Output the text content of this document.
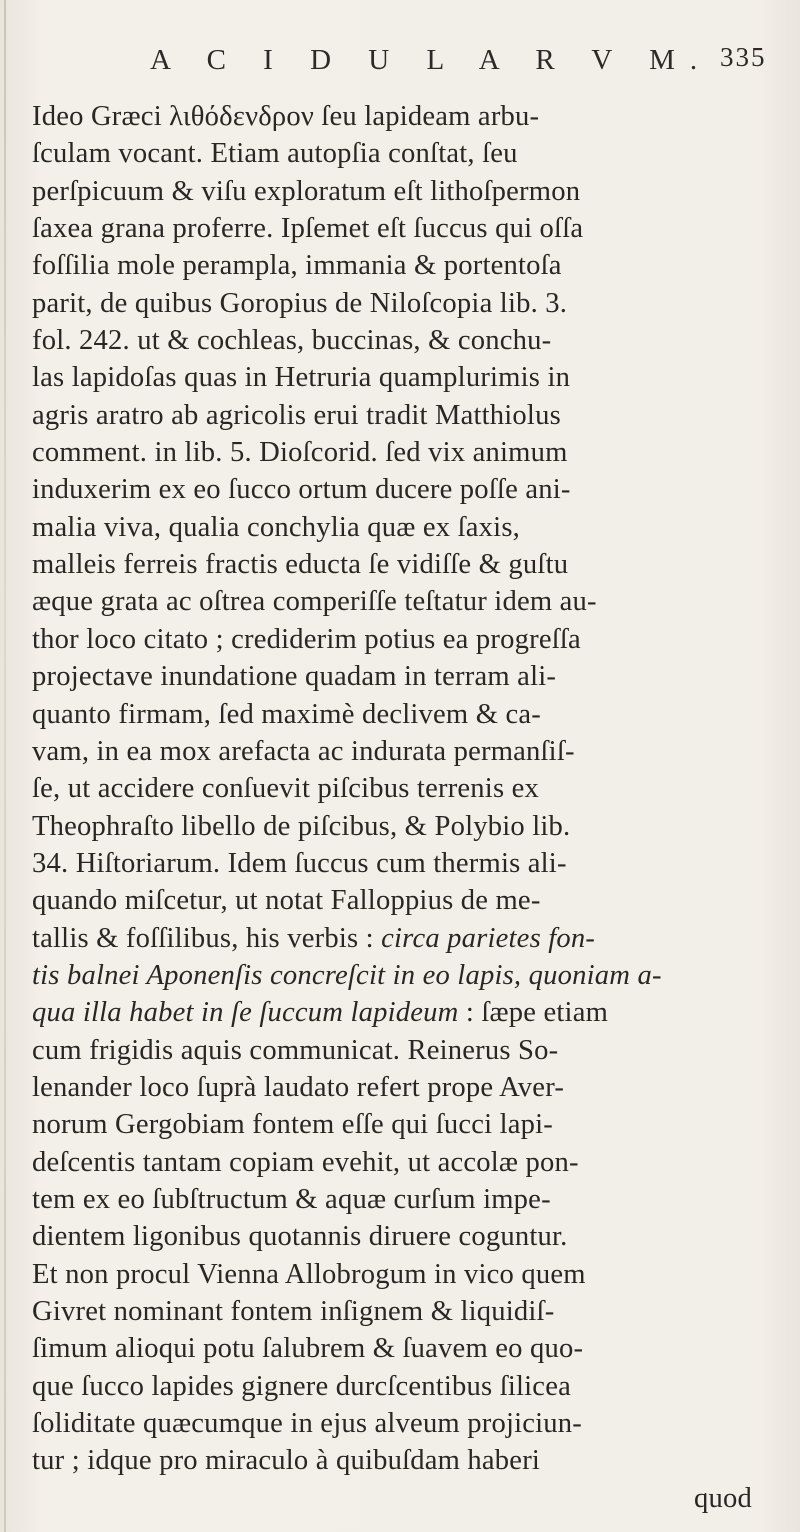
A C I D U L A R V M. 335
Ideo Græci λιθόδενδρον ſeu lapideam arbu-
ſculam vocant. Etiam autopſia conſtat, ſeu
perſpicuum & viſu exploratum eſt lithoſpermon
ſaxea grana proferre. Ipſemet eſt ſuccus qui oſſa
foſſilia mole perampla, immania & portentoſa
parit, de quibus Goropius de Niloſcopia lib. 3.
fol. 242. ut & cochleas, buccinas, & conchu-
las lapidoſas quas in Hetruria quamplurimis in
agris aratro ab agricolis erui tradit Matthiolus
comment. in lib. 5. Dioſcorid. ſed vix animum
induxerim ex eo ſucco ortum ducere poſſe ani-
malia viva, qualia conchylia quæ ex ſaxis,
malleis ferreis fractis educta ſe vidiſſe & guſtu
æque grata ac oſtrea comperiſſe teſtatur idem au-
thor loco citato ; crediderim potius ea progreſſa
projectave inundatione quadam in terram ali-
quanto firmam, ſed maximè declivem & ca-
vam, in ea mox arefacta ac indurata permanſiſ-
ſe, ut accidere conſuevit piſcibus terrenis ex
Theophraſto libello de piſcibus, & Polybio lib.
34. Hiſtoriarum. Idem ſuccus cum thermis ali-
quando miſcetur, ut notat Falloppius de me-
tallis & foſſilibus, his verbis : circa parietes fon-
tis balnei Aponenſis concreſcit in eo lapis, quoniam a-
qua illa habet in ſe ſuccum lapideum : ſæpe etiam
cum frigidis aquis communicat. Reinerus So-
lenander loco ſuprà laudato refert prope Aver-
norum Gergobiam fontem eſſe qui ſucci lapi-
deſcentis tantam copiam evehit, ut accolæ pon-
tem ex eo ſubſtructum & aquæ curſum impe-
dientem ligonibus quotannis diruere coguntur.
Et non procul Vienna Allobrogum in vico quem
Givret nominant fontem inſignem & liquidiſ-
ſimum alioqui potu ſalubrem & ſuavem eo quo-
que ſucco lapides gignere durcſcentibus ſilicea
ſoliditate quæcumque in ejus alveum projiciun-
tur ; idque pro miraculo à quibuſdam haberi
quod
